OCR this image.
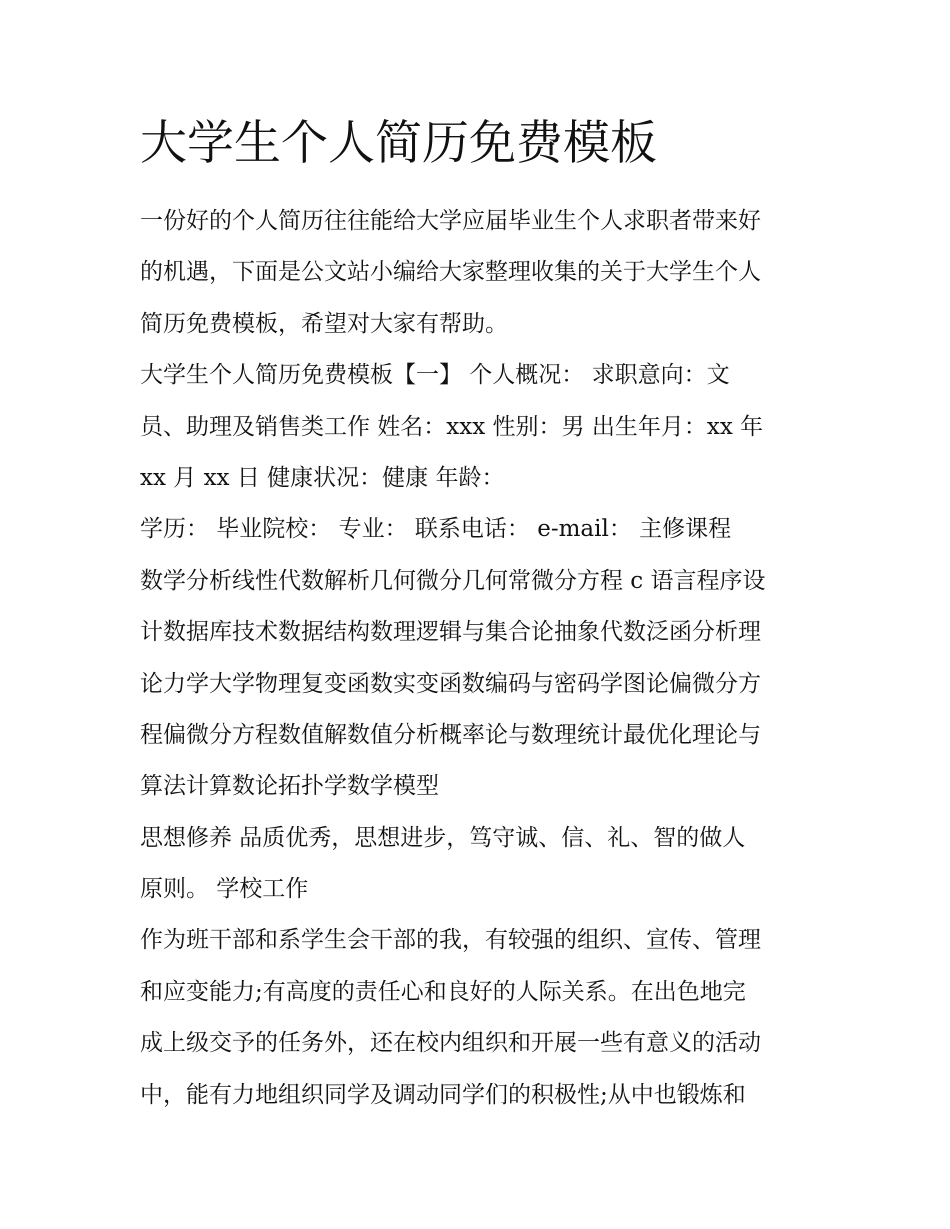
大学生个人简历免费模板
一份好的个人简历往往能给大学应届毕业生个人求职者带来好
的机遇，下面是公文站小编给大家整理收集的关于大学生个人
简历免费模板，希望对大家有帮助。
大学生个人简历免费模板【一】 个人概况： 求职意向：文
员、助理及销售类工作 姓名：xxx 性别：男 出生年月：xx 年
xx 月 xx 日 健康状况：健康 年龄：
学历： 毕业院校： 专业： 联系电话： e-mail： 主修课程
数学分析线性代数解析几何微分几何常微分方程 c 语言程序设
计数据库技术数据结构数理逻辑与集合论抽象代数泛函分析理
论力学大学物理复变函数实变函数编码与密码学图论偏微分方
程偏微分方程数值解数值分析概率论与数理统计最优化理论与
算法计算数论拓扑学数学模型
思想修养 品质优秀，思想进步，笃守诚、信、礼、智的做人
原则。 学校工作
作为班干部和系学生会干部的我，有较强的组织、宣传、管理
和应变能力;有高度的责任心和良好的人际关系。在出色地完
成上级交予的任务外，还在校内组织和开展一些有意义的活动
中，能有力地组织同学及调动同学们的积极性;从中也锻炼和
